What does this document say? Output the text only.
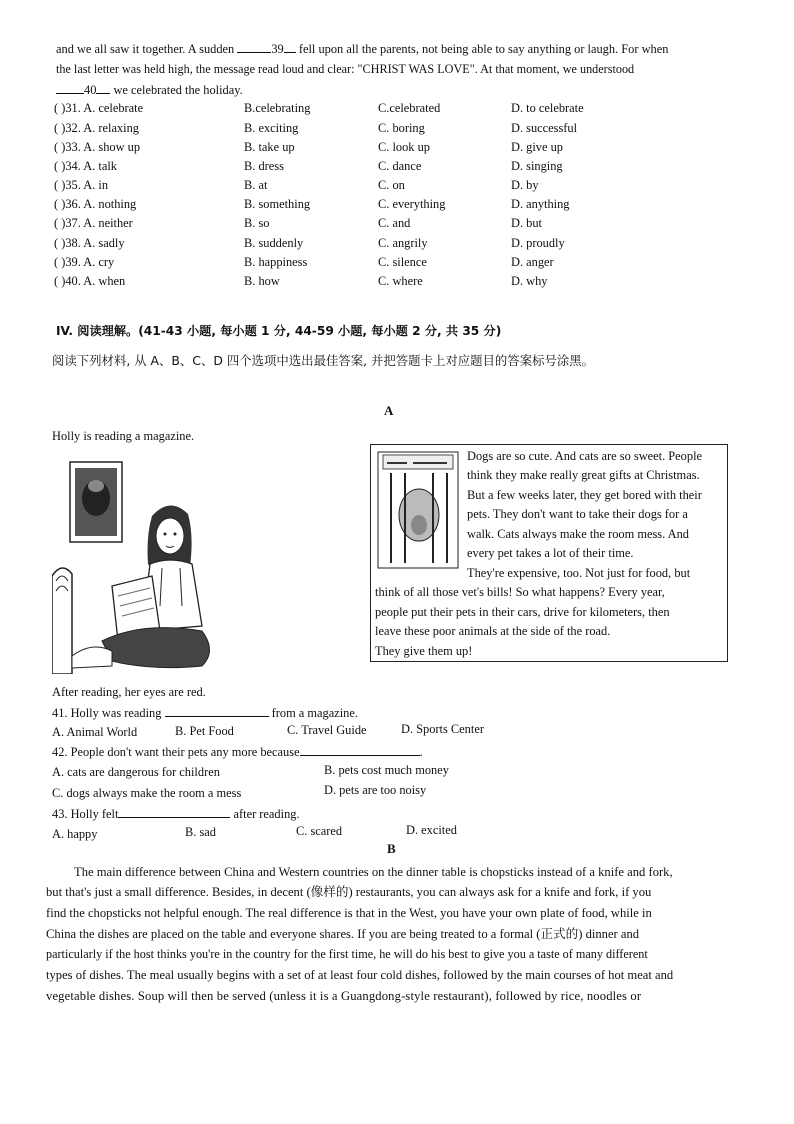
and we all saw it together. A sudden	39 fell upon all the parents, not being able to say anything or laugh. For when
the last letter was held high, the message read loud and clear: "CHRIST WAS LOVE". At that moment, we understood
40 we celebrated the holiday.
( )31. A. celebrate	B.celebrating	C.celebrated	D. to celebrate
( )32. A. relaxing	B. exciting	C. boring	D. successful
( )33. A. show up	B. take up	C. look up	D. give up
( )34. A. talk	B. dress	C. dance	D. singing
( )35. A. in	B. at	C. on	D. by
( )36. A. nothing	B. something	C. everything	D. anything
( )37. A. neither	B. so	C. and	D. but
( )38. A. sadly	B. suddenly	C. angrily	D. proudly
( )39. A. cry	B. happiness	C. silence	D. anger
( )40. A. when	B. how	C. where	D. why
IV. 阅读理解。(41-43 小题, 每小题 1 分, 44-59 小题, 每小题 2 分, 共 35 分)
阅读下列材料, 从 A、B、C、D 四个选项中选出最佳答案, 并把答题卡上对应题目的答案标号涂黑。
A
Holly is reading a magazine.
Dogs are so cute. And cats are so sweet. People
think they make really great gifts at Christmas.
But a few weeks later, they get bored with their
pets. They don't want to take their dogs for a
walk. Cats always make the room mess. And
every pet takes a lot of their time.
They're expensive, too. Not just for food, but
think of all those vet's bills! So what happens? Every year,
people put their pets in their cars, drive for kilometers, then
leave these poor animals at the side of the road.
They give them up!
After reading, her eyes are red.
41. Holly was reading	from a magazine.
A. Animal World	B. Pet Food	C. Travel Guide	D. Sports Center
42. People don't want their pets any more because	.
A. cats are dangerous for children	B. pets cost much money
C. dogs always make the room a mess	D. pets are too noisy
43. Holly felt	after reading.
A. happy	B. sad	C. scared	D. excited
B
The main difference between China and Western countries on the dinner table is chopsticks instead of a knife and fork,
but that's just a small difference. Besides, in decent (像样的) restaurants, you can always ask for a knife and fork, if you
find the chopsticks not helpful enough. The real difference is that in the West, you have your own plate of food, while in
China the dishes are placed on the table and everyone shares. If you are being treated to a formal (正式的) dinner and
particularly if the host thinks you're in the country for the first time, he will do his best to give you a taste of many different
types of dishes. The meal usually begins with a set of at least four cold dishes, followed by the main courses of hot meat and
vegetable dishes. Soup will then be served (unless it is a Guangdong-style restaurant), followed by rice, noodles or
